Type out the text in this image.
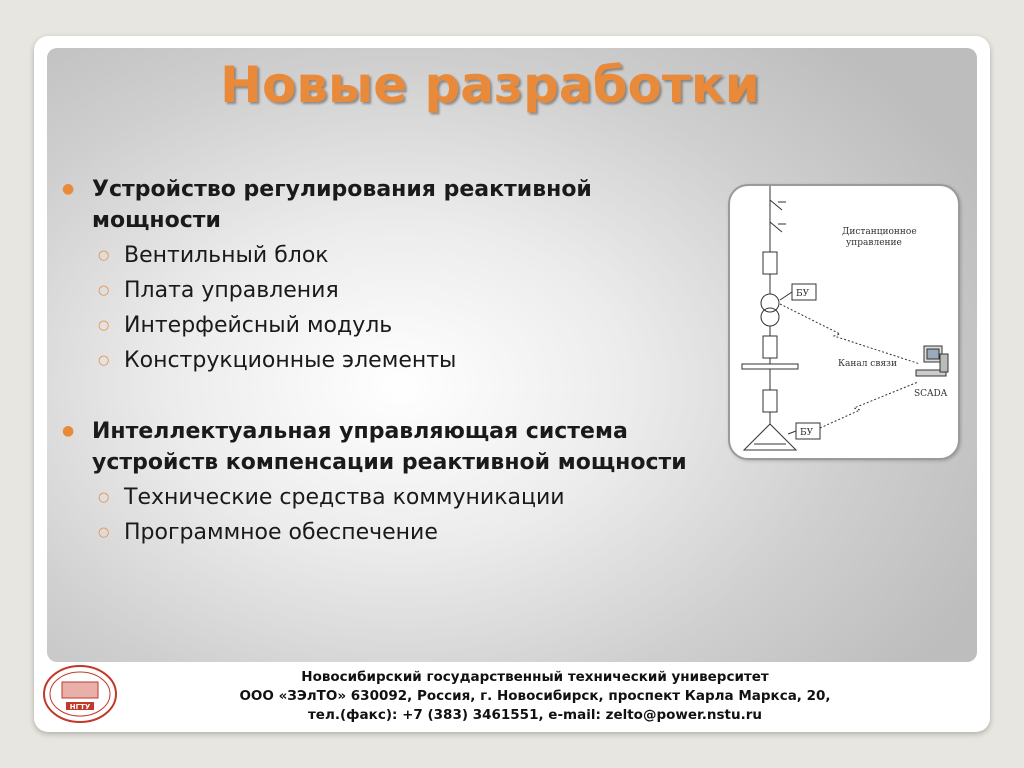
Новые разработки
● Устройство регулирования реактивной мощности
○ Вентильный блок
○ Плата управления
○ Интерфейсный модуль
○ Конструкционные элементы
● Интеллектуальная управляющая система устройств компенсации реактивной мощности
○ Технические средства коммуникации
○ Программное обеспечение
Дистанционное
управление
БУ
БУ
Канал связи
SCADA
НГТУ
Новосибирский государственный технический университет
ООО «ЗЭлТО» 630092, Россия, г. Новосибирск, проспект Карла Маркса, 20,
тел.(факс): +7 (383) 3461551, e-mail: zelto@power.nstu.ru
